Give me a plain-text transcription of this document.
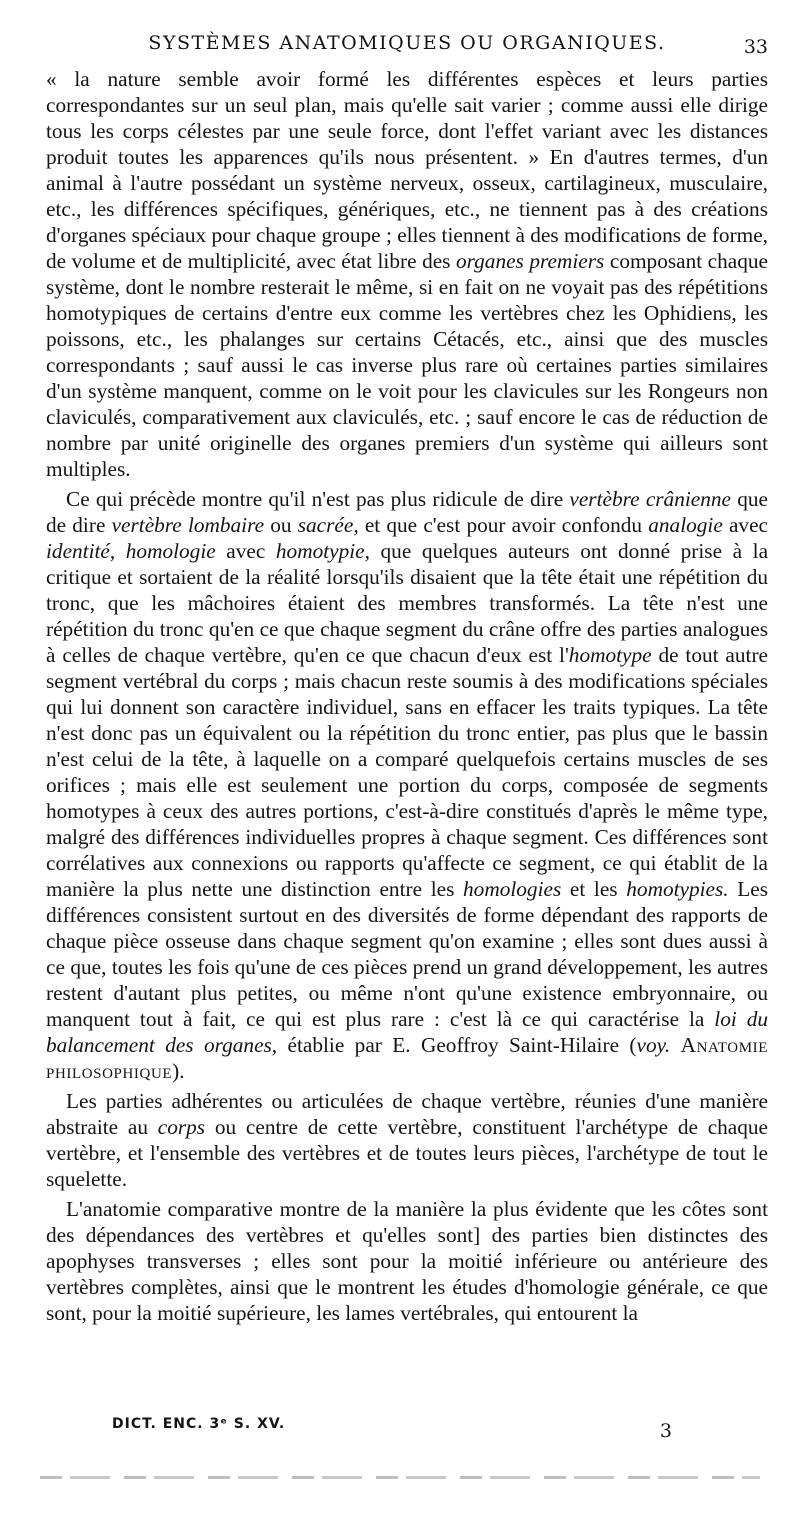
SYSTÈMES ANATOMIQUES OU ORGANIQUES.	33

« la nature semble avoir formé les différentes espèces et leurs parties correspondantes sur un seul plan, mais qu'elle sait varier ; comme aussi elle dirige tous les corps célestes par une seule force, dont l'effet variant avec les distances produit toutes les apparences qu'ils nous présentent. » En d'autres termes, d'un animal à l'autre possédant un système nerveux, osseux, cartilagineux, musculaire, etc., les différences spécifiques, génériques, etc., ne tiennent pas à des créations d'organes spéciaux pour chaque groupe ; elles tiennent à des modifications de forme, de volume et de multiplicité, avec état libre des organes premiers composant chaque système, dont le nombre resterait le même, si en fait on ne voyait pas des répétitions homotypiques de certains d'entre eux comme les vertèbres chez les Ophidiens, les poissons, etc., les phalanges sur certains Cétacés, etc., ainsi que des muscles correspondants ; sauf aussi le cas inverse plus rare où certaines parties similaires d'un système manquent, comme on le voit pour les clavicules sur les Rongeurs non claviculés, comparativement aux claviculés, etc. ; sauf encore le cas de réduction de nombre par unité originelle des organes premiers d'un système qui ailleurs sont multiples.

Ce qui précède montre qu'il n'est pas plus ridicule de dire vertèbre crânienne que de dire vertèbre lombaire ou sacrée, et que c'est pour avoir confondu analogie avec identité, homologie avec homotypie, que quelques auteurs ont donné prise à la critique et sortaient de la réalité lorsqu'ils disaient que la tête était une répétition du tronc, que les mâchoires étaient des membres transformés. La tête n'est une répétition du tronc qu'en ce que chaque segment du crâne offre des parties analogues à celles de chaque vertèbre, qu'en ce que chacun d'eux est l'homotype de tout autre segment vertébral du corps ; mais chacun reste soumis à des modifications spéciales qui lui donnent son caractère individuel, sans en effacer les traits typiques. La tête n'est donc pas un équivalent ou la répétition du tronc entier, pas plus que le bassin n'est celui de la tête, à laquelle on a comparé quelquefois certains muscles de ses orifices ; mais elle est seulement une portion du corps, composée de segments homotypes à ceux des autres portions, c'est-à-dire constitués d'après le même type, malgré des différences individuelles propres à chaque segment. Ces différences sont corrélatives aux connexions ou rapports qu'affecte ce segment, ce qui établit de la manière la plus nette une distinction entre les homologies et les homotypies. Les différences consistent surtout en des diversités de forme dépendant des rapports de chaque pièce osseuse dans chaque segment qu'on examine ; elles sont dues aussi à ce que, toutes les fois qu'une de ces pièces prend un grand développement, les autres restent d'autant plus petites, ou même n'ont qu'une existence embryonnaire, ou manquent tout à fait, ce qui est plus rare : c'est là ce qui caractérise la loi du balancement des organes, établie par E. Geoffroy Saint-Hilaire (voy. Anatomie philosophique).

Les parties adhérentes ou articulées de chaque vertèbre, réunies d'une manière abstraite au corps ou centre de cette vertèbre, constituent l'archétype de chaque vertèbre, et l'ensemble des vertèbres et de toutes leurs pièces, l'archétype de tout le squelette.

L'anatomie comparative montre de la manière la plus évidente que les côtes sont des dépendances des vertèbres et qu'elles sont] des parties bien distinctes des apophyses transverses ; elles sont pour la moitié inférieure ou antérieure des vertèbres complètes, ainsi que le montrent les études d'homologie générale, ce que sont, pour la moitié supérieure, les lames vertébrales, qui entourent la

DICT. ENC. 3ᵉ S. XV.	3
